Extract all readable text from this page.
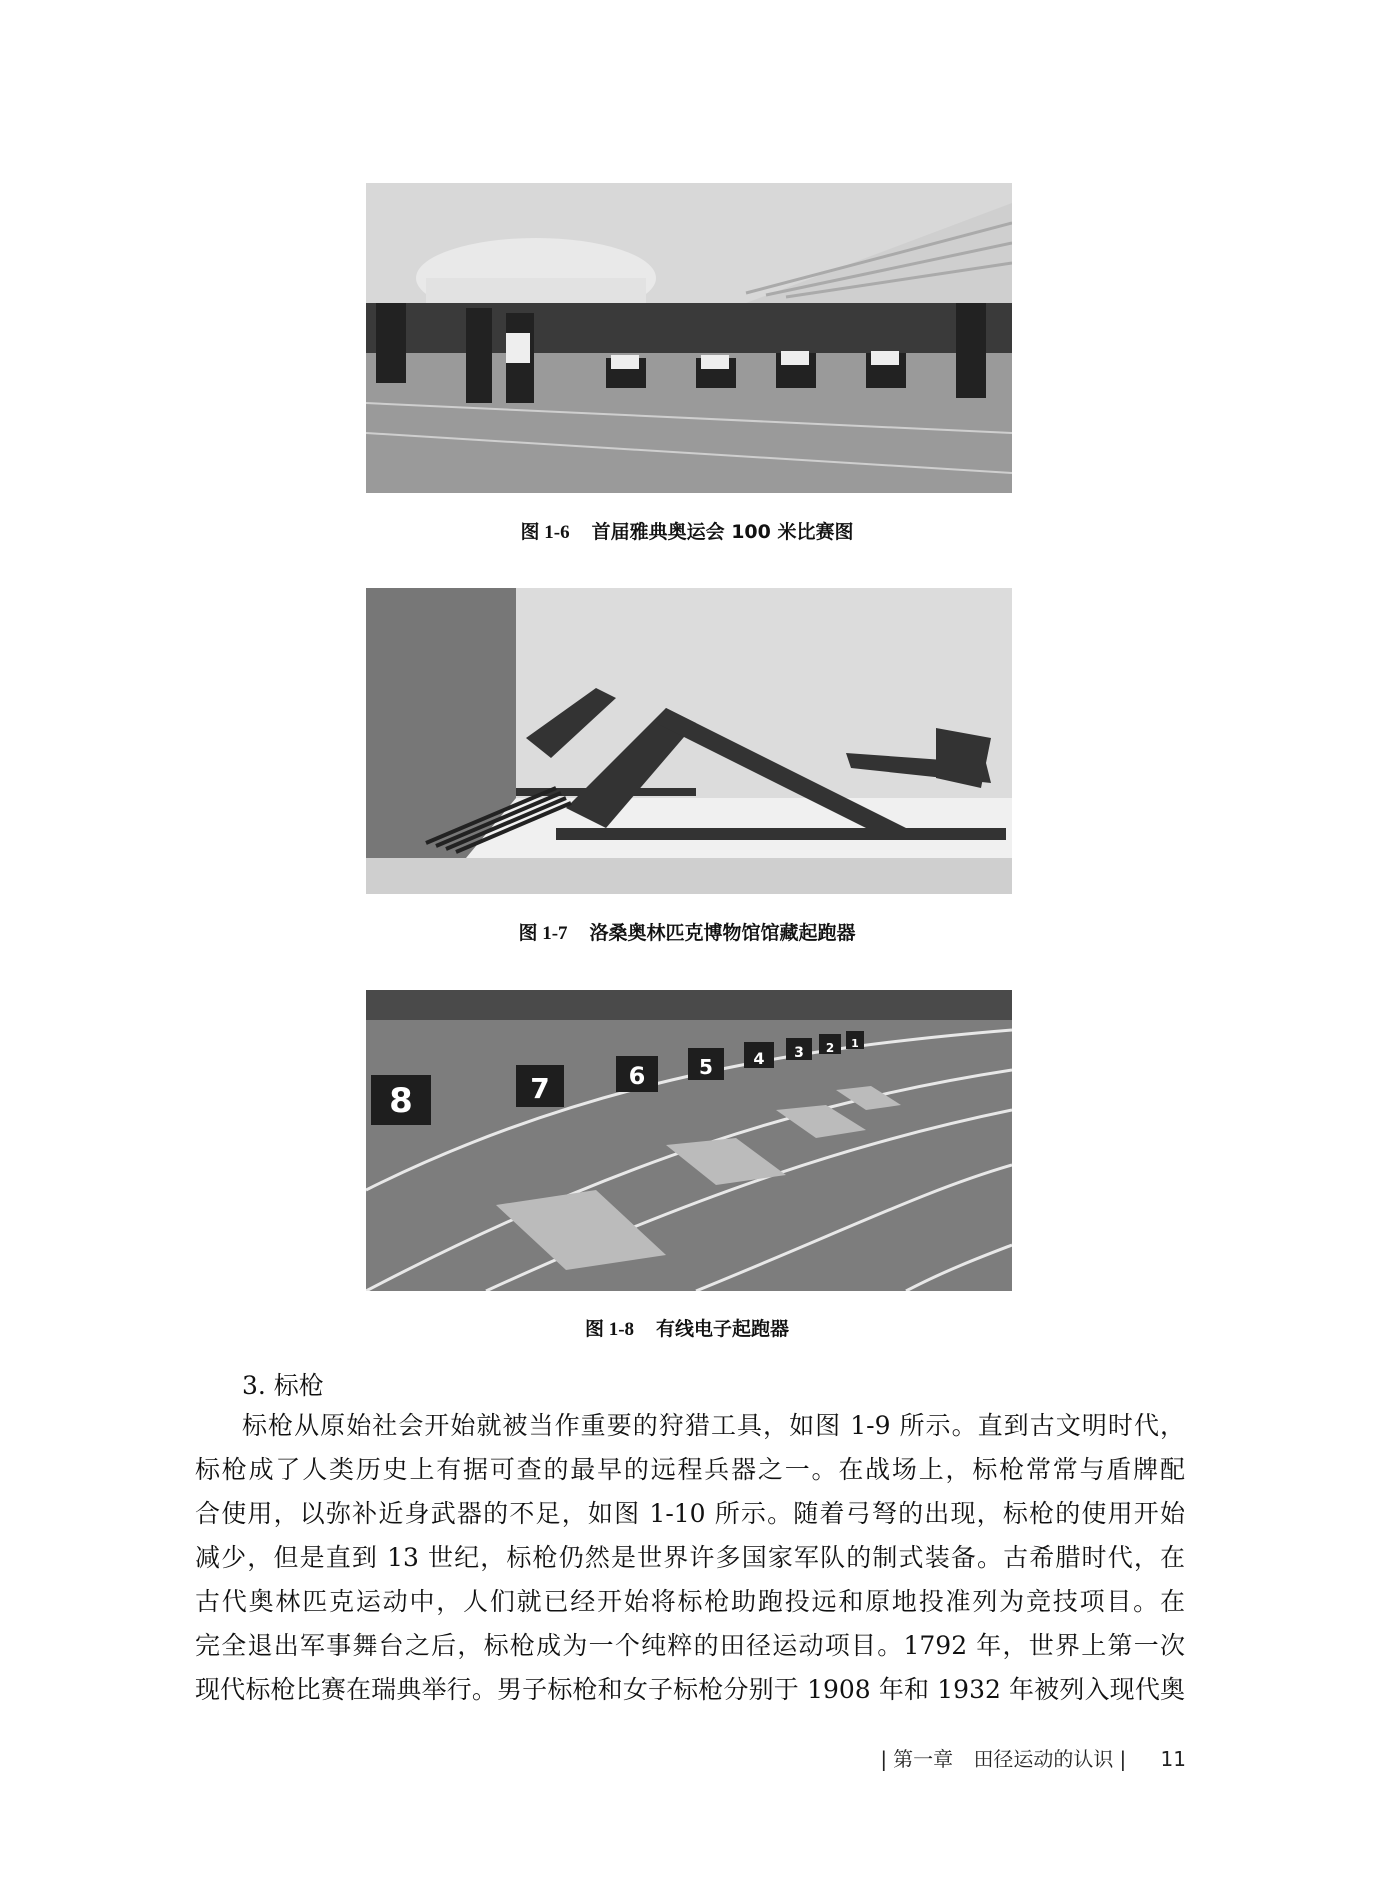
图 1-6 首届雅典奥运会 100 米比赛图
图 1-7 洛桑奥林匹克博物馆馆藏起跑器
8	7	6	5	4 3 2 1
图 1-8 有线电子起跑器
3. 标枪
标枪从原始社会开始就被当作重要的狩猎工具，如图 1-9 所示。直到古文明时代，
标枪成了人类历史上有据可查的最早的远程兵器之一。在战场上，标枪常常与盾牌配
合使用，以弥补近身武器的不足，如图 1-10 所示。随着弓弩的出现，标枪的使用开始
减少，但是直到 13 世纪，标枪仍然是世界许多国家军队的制式装备。古希腊时代，在
古代奥林匹克运动中，人们就已经开始将标枪助跑投远和原地投准列为竞技项目。在
完全退出军事舞台之后，标枪成为一个纯粹的田径运动项目。1792 年，世界上第一次
现代标枪比赛在瑞典举行。男子标枪和女子标枪分别于 1908 年和 1932 年被列入现代奥
| 第一章 田径运动的认识 | 11
